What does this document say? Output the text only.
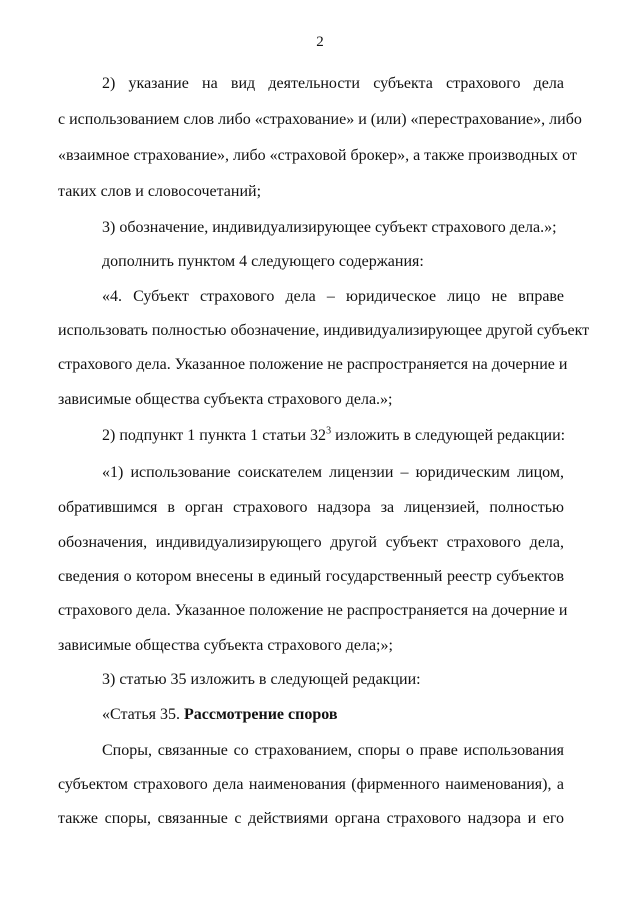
2
2) указание на вид деятельности субъекта страхового дела
с использованием слов либо «страхование» и (или) «перестрахование», либо
«взаимное страхование», либо «страховой брокер», а также производных от
таких слов и словосочетаний;
3) обозначение, индивидуализирующее субъект страхового дела.»;
дополнить пунктом 4 следующего содержания:
«4. Субъект страхового дела – юридическое лицо не вправе
использовать полностью обозначение, индивидуализирующее другой субъект
страхового дела. Указанное положение не распространяется на дочерние и
зависимые общества субъекта страхового дела.»;
2) подпункт 1 пункта 1 статьи $32^3$ изложить в следующей редакции:
«1) использование соискателем лицензии – юридическим лицом,
обратившимся в орган страхового надзора за лицензией, полностью
обозначения, индивидуализирующего другой субъект страхового дела,
сведения о котором внесены в единый государственный реестр субъектов
страхового дела. Указанное положение не распространяется на дочерние и
зависимые общества субъекта страхового дела;»;
3) статью 35 изложить в следующей редакции:
«Статья 35. Рассмотрение споров
Споры, связанные со страхованием, споры о праве использования
субъектом страхового дела наименования (фирменного наименования), а
также споры, связанные с действиями органа страхового надзора и его
